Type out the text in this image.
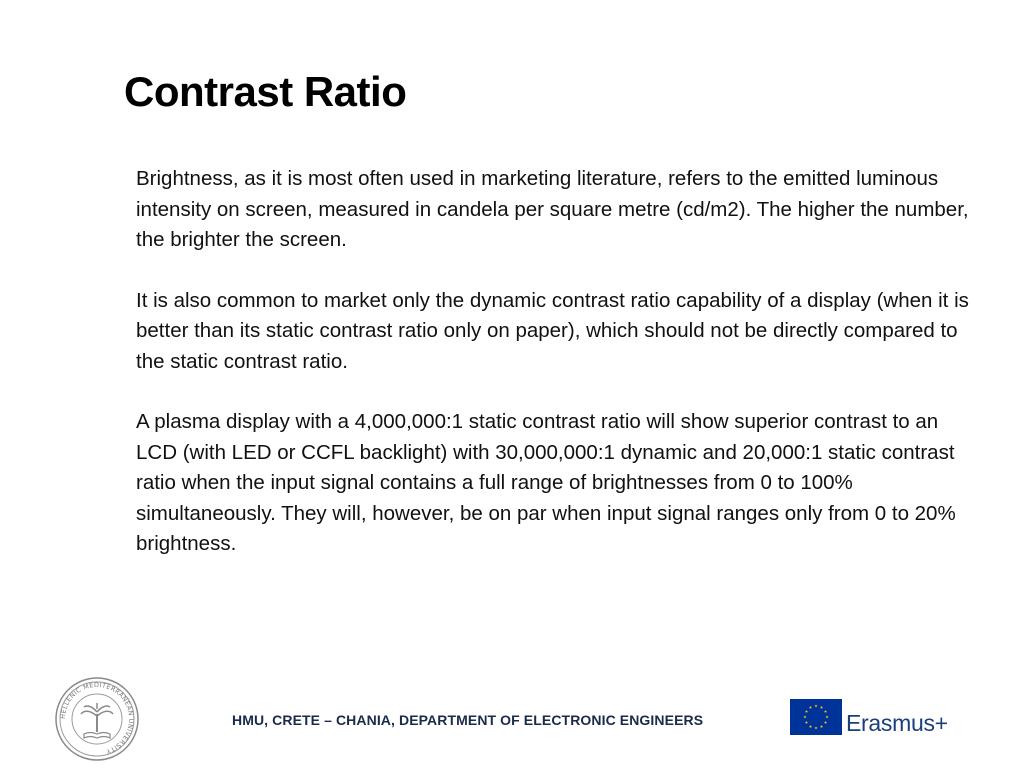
Contrast Ratio

Brightness, as it is most often used in marketing literature, refers to the emitted luminous intensity on screen, measured in candela per square metre (cd/m2). The higher the number, the brighter the screen.

It is also common to market only the dynamic contrast ratio capability of a display (when it is better than its static contrast ratio only on paper), which should not be directly compared to the static contrast ratio.

A plasma display with a 4,000,000:1 static contrast ratio will show superior contrast to an LCD (with LED or CCFL backlight) with 30,000,000:1 dynamic and 20,000:1 static contrast ratio when the input signal contains a full range of brightnesses from 0 to 100% simultaneously. They will, however, be on par when input signal ranges only from 0 to 20% brightness.

HELLENIC MEDITERRANEAN UNIVERSITY
HMU, CRETE – CHANIA, DEPARTMENT OF ELECTRONIC ENGINEERS	Erasmus+
